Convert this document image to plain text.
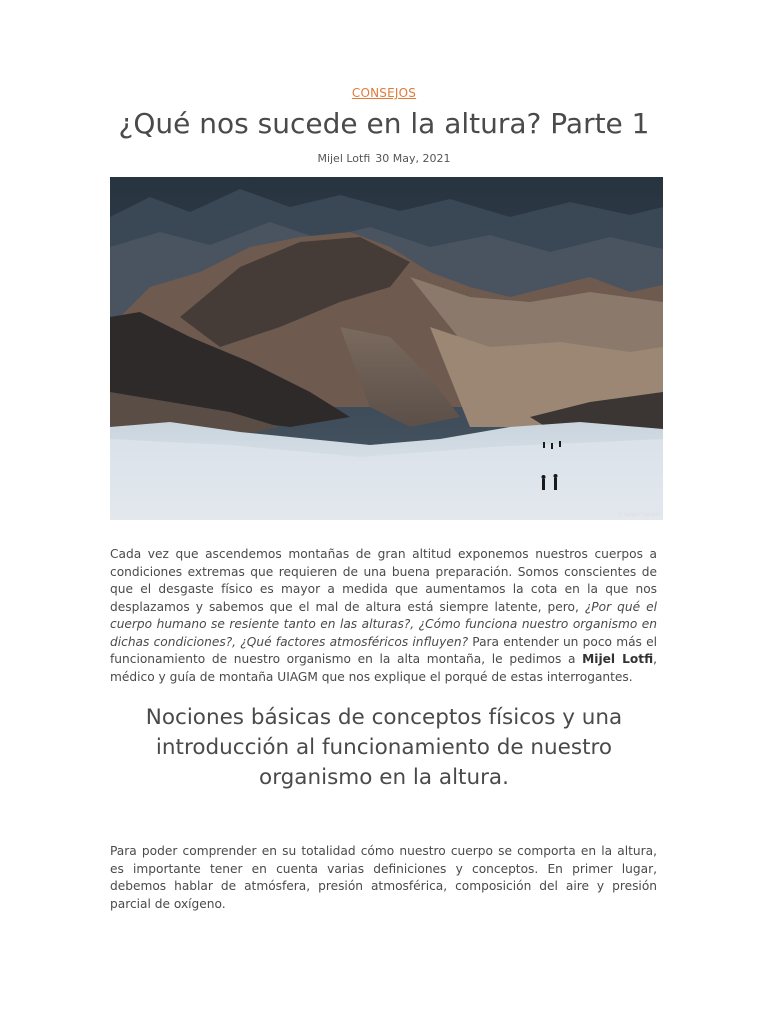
CONSEJOS
¿Qué nos sucede en la altura? Parte 1
Mijel Lotfi 30 May, 2021
© Sergio Cabello

Cada vez que ascendemos montañas de gran altitud exponemos nuestros cuerpos a condiciones extremas que requieren de una buena preparación. Somos conscientes de que el desgaste físico es mayor a medida que aumentamos la cota en la que nos desplazamos y sabemos que el mal de altura está siempre latente, pero, ¿Por qué el cuerpo humano se resiente tanto en las alturas?, ¿Cómo funciona nuestro organismo en dichas condiciones?, ¿Qué factores atmosféricos influyen? Para entender un poco más el funcionamiento de nuestro organismo en la alta montaña, le pedimos a Mijel Lotfi, médico y guía de montaña UIAGM que nos explique el porqué de estas interrogantes.

Nociones básicas de conceptos físicos y una introducción al funcionamiento de nuestro organismo en la altura.

Para poder comprender en su totalidad cómo nuestro cuerpo se comporta en la altura, es importante tener en cuenta varias definiciones y conceptos. En primer lugar, debemos hablar de atmósfera, presión atmosférica, composición del aire y presión parcial de oxígeno.
